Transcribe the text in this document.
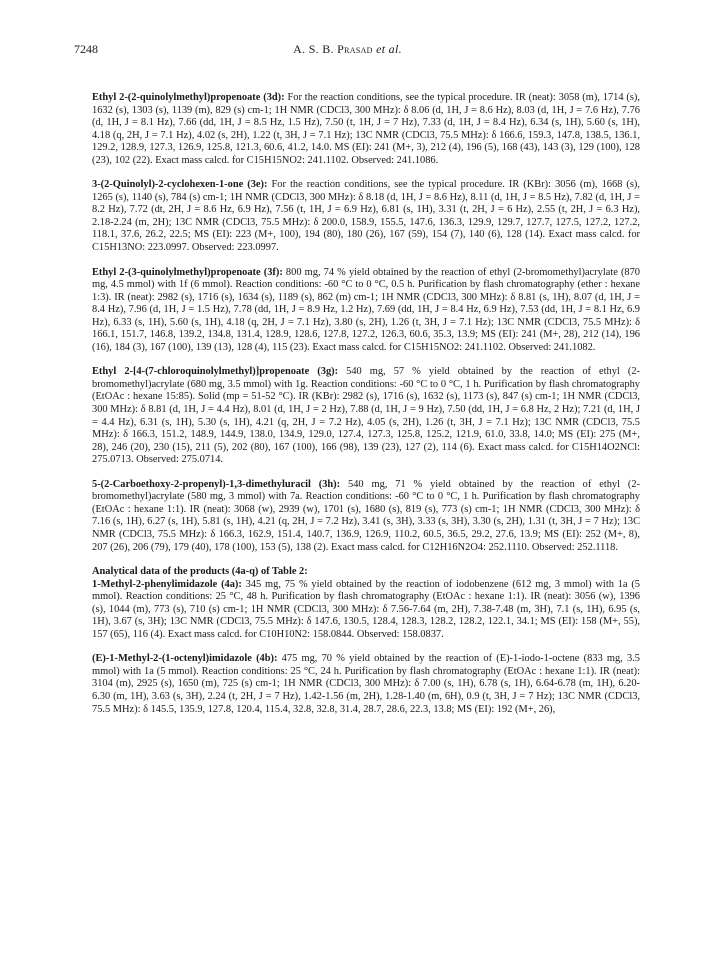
7248	A. S. B. Prasad et al.

Ethyl 2-(2-quinolylmethyl)propenoate (3d): For the reaction conditions, see the typical procedure. IR (neat): 3058 (m), 1714 (s), 1632 (s), 1303 (s), 1139 (m), 829 (s) cm-1; 1H NMR (CDCl3, 300 MHz): δ 8.06 (d, 1H, J = 8.6 Hz), 8.03 (d, 1H, J = 7.6 Hz), 7.76 (d, 1H, J = 8.1 Hz), 7.66 (dd, 1H, J = 8.5 Hz, 1.5 Hz), 7.50 (t, 1H, J = 7 Hz), 7.33 (d, 1H, J = 8.4 Hz), 6.34 (s, 1H), 5.60 (s, 1H), 4.18 (q, 2H, J = 7.1 Hz), 4.02 (s, 2H), 1.22 (t, 3H, J = 7.1 Hz); 13C NMR (CDCl3, 75.5 MHz): δ 166.6, 159.3, 147.8, 138.5, 136.1, 129.2, 128.9, 127.3, 126.9, 125.8, 121.3, 60.6, 41.2, 14.0. MS (EI): 241 (M+, 3), 212 (4), 196 (5), 168 (43), 143 (3), 129 (100), 128 (23), 102 (22). Exact mass calcd. for C15H15NO2: 241.1102. Observed: 241.1086.

3-(2-Quinolyl)-2-cyclohexen-1-one (3e): For the reaction conditions, see the typical procedure. IR (KBr): 3056 (m), 1668 (s), 1265 (s), 1140 (s), 784 (s) cm-1; 1H NMR (CDCl3, 300 MHz): δ 8.18 (d, 1H, J = 8.6 Hz), 8.11 (d, 1H, J = 8.5 Hz), 7.82 (d, 1H, J = 8.2 Hz), 7.72 (dt, 2H, J = 8.6 Hz, 6.9 Hz), 7.56 (t, 1H, J = 6.9 Hz), 6.81 (s, 1H), 3.31 (t, 2H, J = 6 Hz), 2.55 (t, 2H, J = 6.3 Hz), 2.18-2.24 (m, 2H); 13C NMR (CDCl3, 75.5 MHz): δ 200.0, 158.9, 155.5, 147.6, 136.3, 129.9, 129.7, 127.7, 127.5, 127.2, 127.2, 118.1, 37.6, 26.2, 22.5; MS (EI): 223 (M+, 100), 194 (80), 180 (26), 167 (59), 154 (7), 140 (6), 128 (14). Exact mass calcd. for C15H13NO: 223.0997. Observed: 223.0997.

Ethyl 2-(3-quinolylmethyl)propenoate (3f): 800 mg, 74 % yield obtained by the reaction of ethyl (2-bromomethyl)acrylate (870 mg, 4.5 mmol) with 1f (6 mmol). Reaction conditions: -60 °C to 0 °C, 0.5 h. Purification by flash chromatography (ether : hexane 1:3). IR (neat): 2982 (s), 1716 (s), 1634 (s), 1189 (s), 862 (m) cm-1; 1H NMR (CDCl3, 300 MHz): δ 8.81 (s, 1H), 8.07 (d, 1H, J = 8.4 Hz), 7.96 (d, 1H, J = 1.5 Hz), 7.78 (dd, 1H, J = 8.9 Hz, 1.2 Hz), 7.69 (dd, 1H, J = 8.4 Hz, 6.9 Hz), 7.53 (dd, 1H, J = 8.1 Hz, 6.9 Hz), 6.33 (s, 1H), 5.60 (s, 1H), 4.18 (q, 2H, J = 7.1 Hz), 3.80 (s, 2H), 1.26 (t, 3H, J = 7.1 Hz); 13C NMR (CDCl3, 75.5 MHz): δ 166.1, 151.7, 146.8, 139.2, 134.8, 131.4, 128.9, 128.6, 127.8, 127.2, 126.3, 60.6, 35.3, 13.9; MS (EI): 241 (M+, 28), 212 (14), 196 (16), 184 (3), 167 (100), 139 (13), 128 (4), 115 (23). Exact mass calcd. for C15H15NO2: 241.1102. Observed: 241.1082.

Ethyl 2-[4-(7-chloroquinolylmethyl)]propenoate (3g): 540 mg, 57 % yield obtained by the reaction of ethyl (2-bromomethyl)acrylate (680 mg, 3.5 mmol) with 1g. Reaction conditions: -60 °C to 0 °C, 1 h. Purification by flash chromatography (EtOAc : hexane 15:85). Solid (mp = 51-52 °C). IR (KBr): 2982 (s), 1716 (s), 1632 (s), 1173 (s), 847 (s) cm-1; 1H NMR (CDCl3, 300 MHz): δ 8.81 (d, 1H, J = 4.4 Hz), 8.01 (d, 1H, J = 2 Hz), 7.88 (d, 1H, J = 9 Hz), 7.50 (dd, 1H, J = 6.8 Hz, 2 Hz); 7.21 (d, 1H, J = 4.4 Hz), 6.31 (s, 1H), 5.30 (s, 1H), 4.21 (q, 2H, J = 7.2 Hz), 4.05 (s, 2H), 1.26 (t, 3H, J = 7.1 Hz); 13C NMR (CDCl3, 75.5 MHz): δ 166.3, 151.2, 148.9, 144.9, 138.0, 134.9, 129.0, 127.4, 127.3, 125.8, 125.2, 121.9, 61.0, 33.8, 14.0; MS (EI): 275 (M+, 28), 246 (20), 230 (15), 211 (5), 202 (80), 167 (100), 166 (98), 139 (23), 127 (2), 114 (6). Exact mass calcd. for C15H14O2NCl: 275.0713. Observed: 275.0714.

5-(2-Carboethoxy-2-propenyl)-1,3-dimethyluracil (3h): 540 mg, 71 % yield obtained by the reaction of ethyl (2-bromomethyl)acrylate (580 mg, 3 mmol) with 7a. Reaction conditions: -60 °C to 0 °C, 1 h. Purification by flash chromatography (EtOAc : hexane 1:1). IR (neat): 3068 (w), 2939 (w), 1701 (s), 1680 (s), 819 (s), 773 (s) cm-1; 1H NMR (CDCl3, 300 MHz): δ 7.16 (s, 1H), 6.27 (s, 1H), 5.81 (s, 1H), 4.21 (q, 2H, J = 7.2 Hz), 3.41 (s, 3H), 3.33 (s, 3H), 3.30 (s, 2H), 1.31 (t, 3H, J = 7 Hz); 13C NMR (CDCl3, 75.5 MHz): δ 166.3, 162.9, 151.4, 140.7, 136.9, 126.9, 110.2, 60.5, 36.5, 29.2, 27.6, 13.9; MS (EI): 252 (M+, 8), 207 (26), 206 (79), 179 (40), 178 (100), 153 (5), 138 (2). Exact mass calcd. for C12H16N2O4: 252.1110. Observed: 252.1118.

Analytical data of the products (4a-q) of Table 2:

1-Methyl-2-phenylimidazole (4a): 345 mg, 75 % yield obtained by the reaction of iodobenzene (612 mg, 3 mmol) with 1a (5 mmol). Reaction conditions: 25 °C, 48 h. Purification by flash chromatography (EtOAc : hexane 1:1). IR (neat): 3056 (w), 1396 (s), 1044 (m), 773 (s), 710 (s) cm-1; 1H NMR (CDCl3, 300 MHz): δ 7.56-7.64 (m, 2H), 7.38-7.48 (m, 3H), 7.1 (s, 1H), 6.95 (s, 1H), 3.67 (s, 3H); 13C NMR (CDCl3, 75.5 MHz): δ 147.6, 130.5, 128.4, 128.3, 128.2, 128.2, 122.1, 34.1; MS (EI): 158 (M+, 55), 157 (65), 116 (4). Exact mass calcd. for C10H10N2: 158.0844. Observed: 158.0837.

(E)-1-Methyl-2-(1-octenyl)imidazole (4b): 475 mg, 70 % yield obtained by the reaction of (E)-1-iodo-1-octene (833 mg, 3.5 mmol) with 1a (5 mmol). Reaction conditions: 25 °C, 24 h. Purification by flash chromatography (EtOAc : hexane 1:1). IR (neat): 3104 (m), 2925 (s), 1650 (m), 725 (s) cm-1; 1H NMR (CDCl3, 300 MHz): δ 7.00 (s, 1H), 6.78 (s, 1H), 6.64-6.78 (m, 1H), 6.20-6.30 (m, 1H), 3.63 (s, 3H), 2.24 (t, 2H, J = 7 Hz), 1.42-1.56 (m, 2H), 1.28-1.40 (m, 6H), 0.9 (t, 3H, J = 7 Hz); 13C NMR (CDCl3, 75.5 MHz): δ 145.5, 135.9, 127.8, 120.4, 115.4, 32.8, 32.8, 31.4, 28.7, 28.6, 22.3, 13.8; MS (EI): 192 (M+, 26),
